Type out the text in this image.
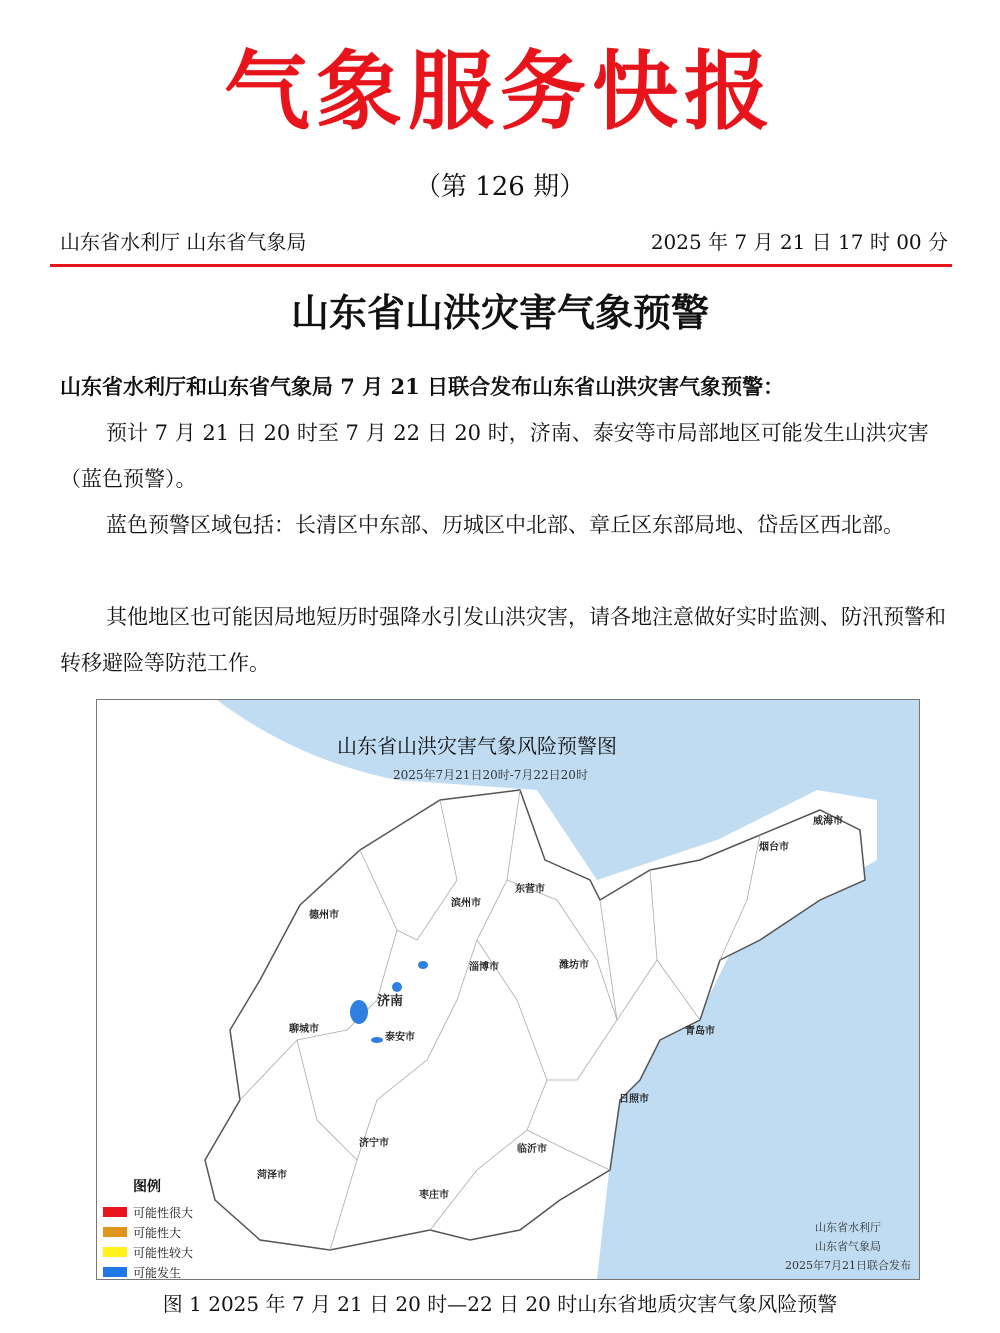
气象服务快报
（第 126 期）
山东省水利厅 山东省气象局	2025 年 7 月 21 日 17 时 00 分
山东省山洪灾害气象预警
山东省水利厅和山东省气象局 7 月 21 日联合发布山东省山洪灾害气象预警：
预计 7 月 21 日 20 时至 7 月 22 日 20 时，济南、泰安等市局部地区可能发生山洪灾害（蓝色预警）。
蓝色预警区域包括：长清区中东部、历城区中北部、章丘区东部局地、岱岳区西北部。
其他地区也可能因局地短历时强降水引发山洪灾害，请各地注意做好实时监测、防汛预警和转移避险等防范工作。
山东省山洪灾害气象风险预警图
2025年7月21日20时-7月22日20时
济南
泰安市
淄博市	潍坊市
青岛市
日照市
临沂市
济宁市
枣庄市
菏泽市
聊城市
德州市
滨州市
东营市
烟台市
威海市
图例
可能性很大
可能性大
可能性较大
可能发生
山东省水利厅
山东省气象局
2025年7月21日联合发布
图 1 2025 年 7 月 21 日 20 时—22 日 20 时山东省地质灾害气象风险预警
